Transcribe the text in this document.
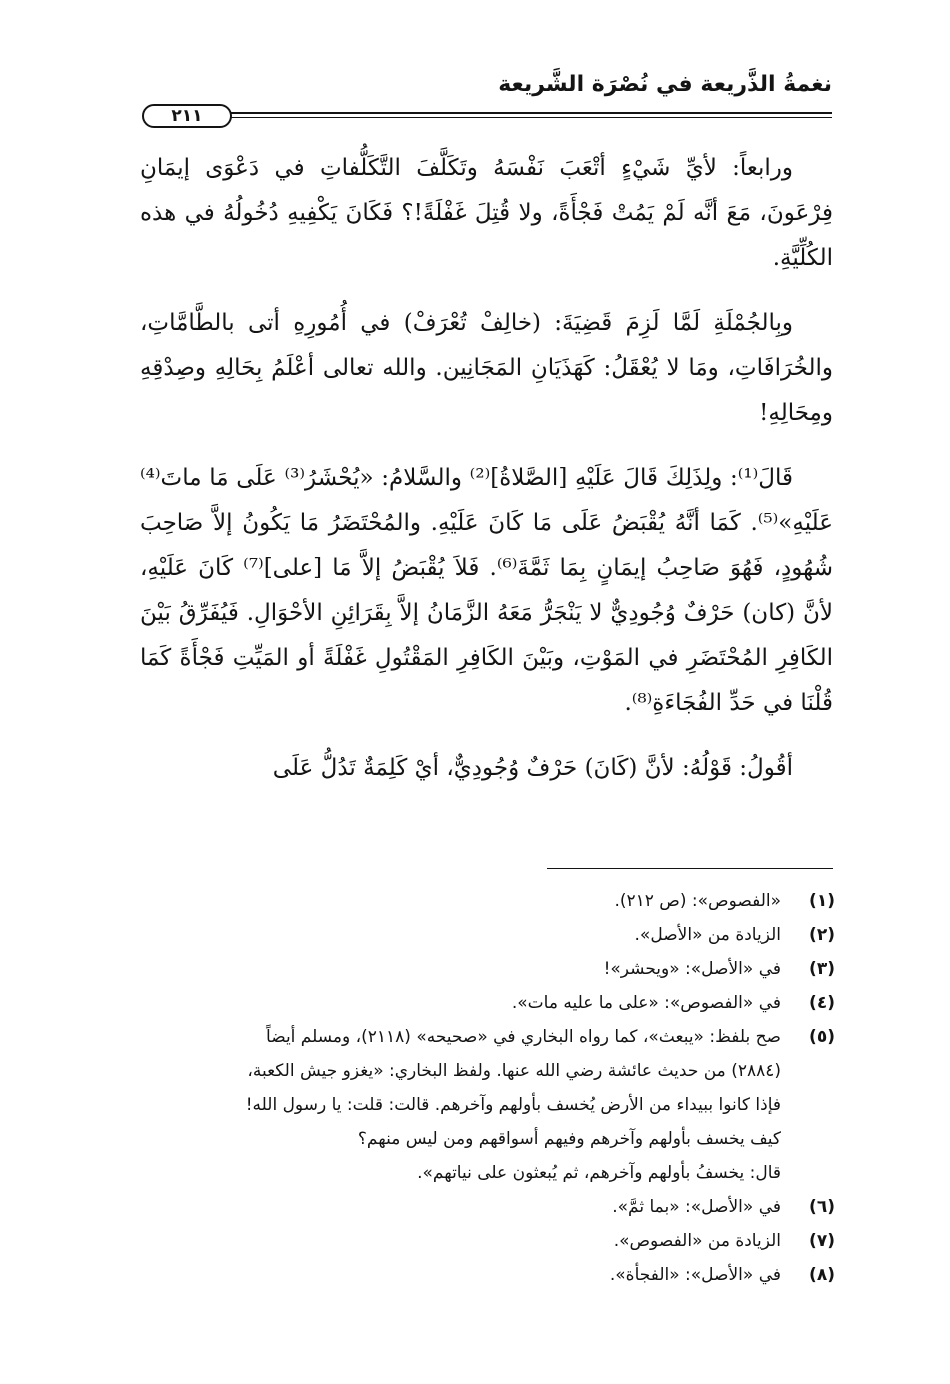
نغمةُ الذَّريعة في نُصْرَة الشَّريعة
٢١١

ورابعاً: لأيِّ شَيْءٍ أتْعَبَ نَفْسَهُ وتَكَلَّفَ التَّكَلُّفاتِ في دَعْوَى إيمَانِ فِرْعَونَ، مَعَ أنَّه لَمْ يَمُتْ فَجْأَةً، ولا قُتِلَ غَفْلَةً!؟ فَكَانَ يَكْفِيهِ دُخُولُهُ في هذه الكُلِّيَّةِ.

وبِالجُمْلَةِ لَمَّا لَزِمَ قَضِيَةَ: (خالِفْ تُعْرَفْ) في أُمُورِهِ أتى بالطَّامَّاتِ، والخُرَافَاتِ، ومَا لا يُعْقَلُ: كَهَذَيَانِ المَجَانِين. والله تعالى أعْلَمُ بِحَالِهِ وصِدْقِهِ ومِحَالِهِ!

قَالَ⁽¹⁾: ولِذَلِكَ قَالَ عَلَيْهِ [الصَّلاةُ]⁽²⁾ والسَّلامُ: «يُحْشَرُ⁽³⁾ عَلَى مَا ماتَ⁽⁴⁾ عَلَيْهِ»⁽⁵⁾. كَمَا أنَّهُ يُقْبَضُ عَلَى مَا كَانَ عَلَيْهِ. والمُحْتَضَرُ مَا يَكُونُ إلاَّ صَاحِبَ شُهُودٍ، فَهُوَ صَاحِبُ إيمَانٍ بِمَا ثَمَّةَ⁽⁶⁾. فَلاَ يُقْبَضُ إلاَّ مَا [على]⁽⁷⁾ كَانَ عَلَيْهِ، لأنَّ (كان) حَرْفٌ وُجُودِيٌّ لا يَنْجَرُّ مَعَهُ الزَّمَانُ إلاَّ بِقَرَائِنِ الأحْوَالِ. فَيُفَرِّقُ بَيْنَ الكَافِرِ المُحْتَضَرِ في المَوْتِ، وبَيْنَ الكَافِرِ المَقْتُولِ غَفْلَةً أو المَيِّتِ فَجْأَةً كَمَا قُلْنَا في حَدِّ الفُجَاءَةِ⁽⁸⁾.

أقُولُ: قَوْلُهُ: لأنَّ (كَانَ) حَرْفٌ وُجُودِيٌّ، أيْ كَلِمَةٌ تَدُلُّ عَلَى

(١)
«الفصوص»: (ص ٢١٢).
(٢)
الزيادة من «الأصل».
(٣)
في «الأصل»: «ويحشر»!
(٤)
في «الفصوص»: «على ما عليه مات».
(٥)
صح بلفظ: «يبعث»، كما رواه البخاري في «صحيحه» (٢١١٨)، ومسلم أيضاً
(٢٨٨٤) من حديث عائشة رضي الله عنها. ولفظ البخاري: «يغزو جيش الكعبة،
فإذا كانوا ببيداء من الأرض يُخسف بأولهم وآخرهم. قالت: قلت: يا رسول الله!
كيف يخسف بأولهم وآخرهم وفيهم أسواقهم ومن ليس منهم؟
قال: يخسفُ بأولهم وآخرهم، ثم يُبعثون على نياتهم».
(٦)
في «الأصل»: «بما ثمَّ».
(٧)
الزيادة من «الفصوص».
(٨)
في «الأصل»: «الفجأة».
